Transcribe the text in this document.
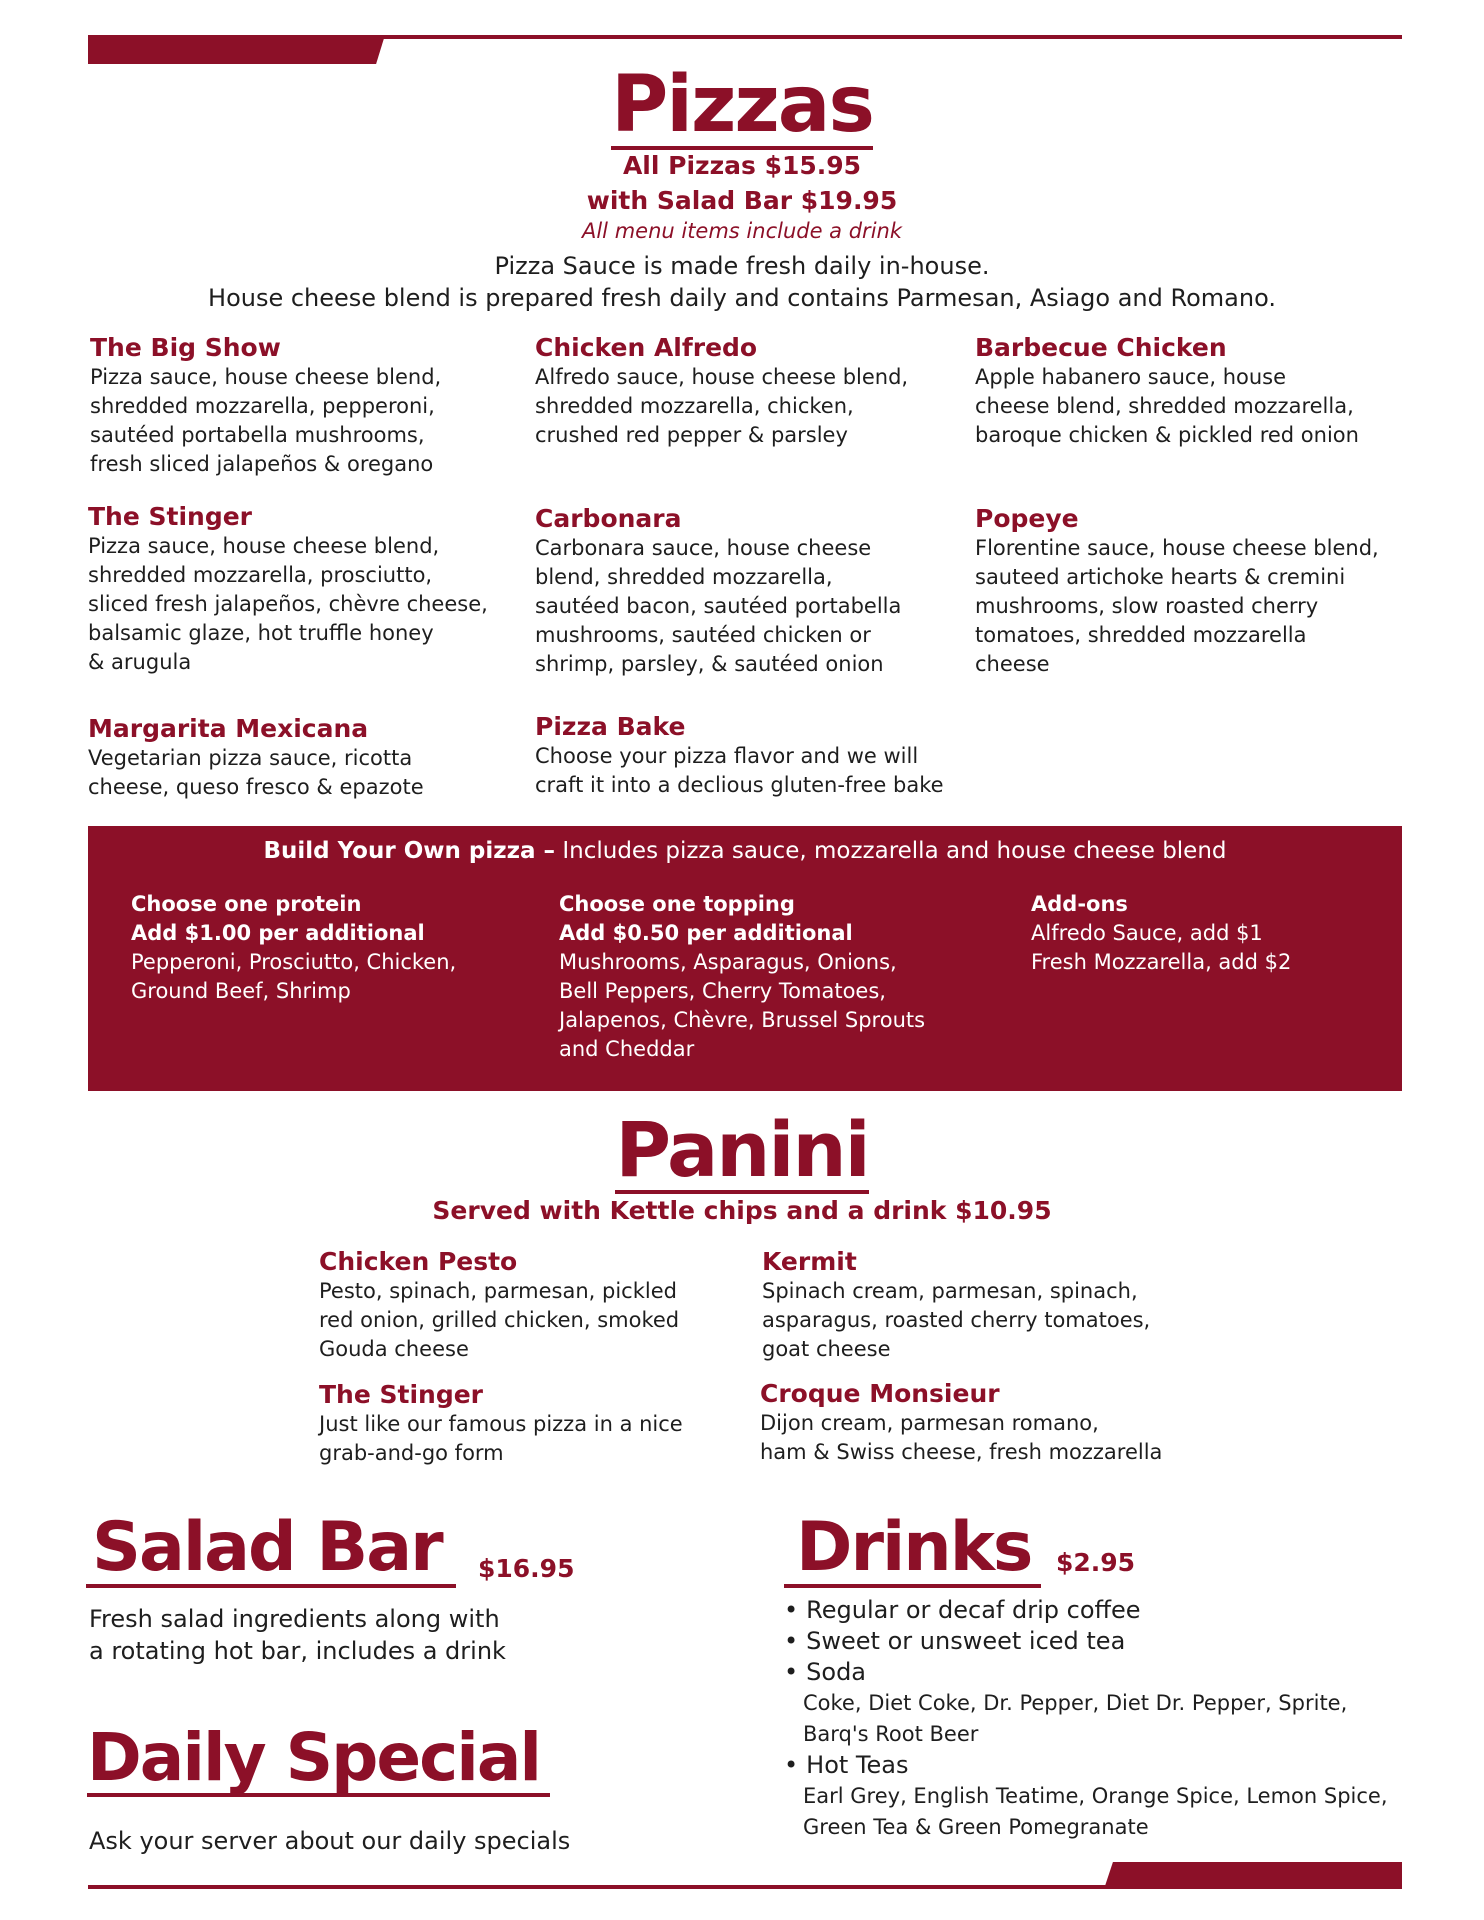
Pizzas
All Pizzas $15.95
with Salad Bar $19.95
All menu items include a drink
Pizza Sauce is made fresh daily in-house.
House cheese blend is prepared fresh daily and contains Parmesan, Asiago and Romano.
The Big Show
Pizza sauce, house cheese blend,
shredded mozzarella, pepperoni,
sautéed portabella mushrooms,
fresh sliced jalapeños & oregano
Chicken Alfredo
Alfredo sauce, house cheese blend,
shredded mozzarella, chicken,
crushed red pepper & parsley
Barbecue Chicken
Apple habanero sauce, house
cheese blend, shredded mozzarella,
baroque chicken & pickled red onion
The Stinger
Pizza sauce, house cheese blend,
shredded mozzarella, prosciutto,
sliced fresh jalapeños, chèvre cheese,
balsamic glaze, hot truffle honey
& arugula
Carbonara
Carbonara sauce, house cheese
blend, shredded mozzarella,
sautéed bacon, sautéed portabella
mushrooms, sautéed chicken or
shrimp, parsley, & sautéed onion
Popeye
Florentine sauce, house cheese blend,
sauteed artichoke hearts & cremini
mushrooms, slow roasted cherry
tomatoes, shredded mozzarella
cheese
Margarita Mexicana
Vegetarian pizza sauce, ricotta
cheese, queso fresco & epazote
Pizza Bake
Choose your pizza flavor and we will
craft it into a declious gluten-free bake
Build Your Own pizza – Includes pizza sauce, mozzarella and house cheese blend
Choose one protein
Add $1.00 per additional
Pepperoni, Prosciutto, Chicken,
Ground Beef, Shrimp
Choose one topping
Add $0.50 per additional
Mushrooms, Asparagus, Onions,
Bell Peppers, Cherry Tomatoes,
Jalapenos, Chèvre, Brussel Sprouts
and Cheddar
Add-ons
Alfredo Sauce, add $1
Fresh Mozzarella, add $2
Panini
Served with Kettle chips and a drink $10.95
Chicken Pesto
Pesto, spinach, parmesan, pickled
red onion, grilled chicken, smoked
Gouda cheese
Kermit
Spinach cream, parmesan, spinach,
asparagus, roasted cherry tomatoes,
goat cheese
The Stinger
Just like our famous pizza in a nice
grab-and-go form
Croque Monsieur
Dijon cream, parmesan romano,
ham & Swiss cheese, fresh mozzarella
Salad Bar	$16.95
Fresh salad ingredients along with
a rotating hot bar, includes a drink
Daily Special
Ask your server about our daily specials
Drinks $2.95
• Regular or decaf drip coffee
• Sweet or unsweet iced tea
• Soda
Coke, Diet Coke, Dr. Pepper, Diet Dr. Pepper, Sprite,
Barq's Root Beer
• Hot Teas
Earl Grey, English Teatime, Orange Spice, Lemon Spice,
Green Tea & Green Pomegranate
